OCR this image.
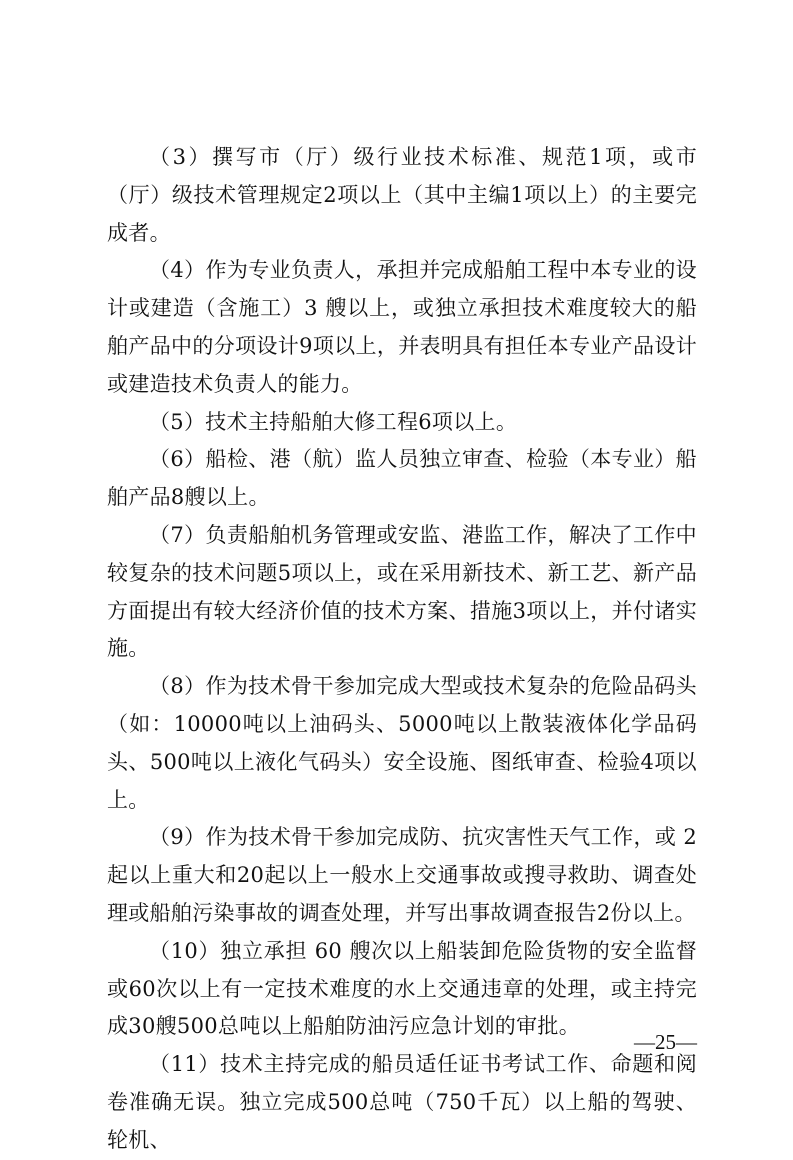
（3）撰写市（厅）级行业技术标准、规范1项，或市（厅）级技术管理规定2项以上（其中主编1项以上）的主要完成者。

（4）作为专业负责人，承担并完成船舶工程中本专业的设计或建造（含施工）3 艘以上，或独立承担技术难度较大的船舶产品中的分项设计9项以上，并表明具有担任本专业产品设计或建造技术负责人的能力。

（5）技术主持船舶大修工程6项以上。

（6）船检、港（航）监人员独立审查、检验（本专业）船舶产品8艘以上。

（7）负责船舶机务管理或安监、港监工作，解决了工作中较复杂的技术问题5项以上，或在采用新技术、新工艺、新产品方面提出有较大经济价值的技术方案、措施3项以上，并付诸实施。

（8）作为技术骨干参加完成大型或技术复杂的危险品码头（如：10000吨以上油码头、5000吨以上散装液体化学品码头、500吨以上液化气码头）安全设施、图纸审查、检验4项以上。

（9）作为技术骨干参加完成防、抗灾害性天气工作，或 2 起以上重大和20起以上一般水上交通事故或搜寻救助、调查处理或船舶污染事故的调查处理，并写出事故调查报告2份以上。

（10）独立承担 60 艘次以上船装卸危险货物的安全监督或60次以上有一定技术难度的水上交通违章的处理，或主持完成30艘500总吨以上船舶防油污应急计划的审批。

（11）技术主持完成的船员适任证书考试工作、命题和阅卷准确无误。独立完成500总吨（750千瓦）以上船的驾驶、轮机、

—25—
